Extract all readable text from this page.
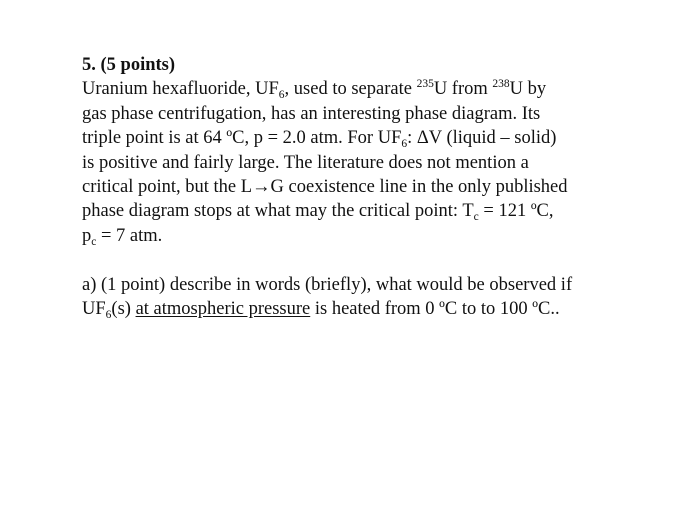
5. (5 points)
Uranium hexafluoride, $UF_6$, used to separate $^{235}$U from $^{238}$U by
gas phase centrifugation, has an interesting phase diagram. Its
triple point is at 64 ºC, p = 2.0 atm. For $UF_6$: ΔV (liquid – solid)
is positive and fairly large. The literature does not mention a
critical point, but the L→G coexistence line in the only published
phase diagram stops at what may the critical point: $T_c = 121$ ºC,
$p_c = 7$ atm.
a) (1 point) describe in words (briefly), what would be observed if
$UF_6(s)$ at atmospheric pressure is heated from 0 ºC to to 100 ºC..
